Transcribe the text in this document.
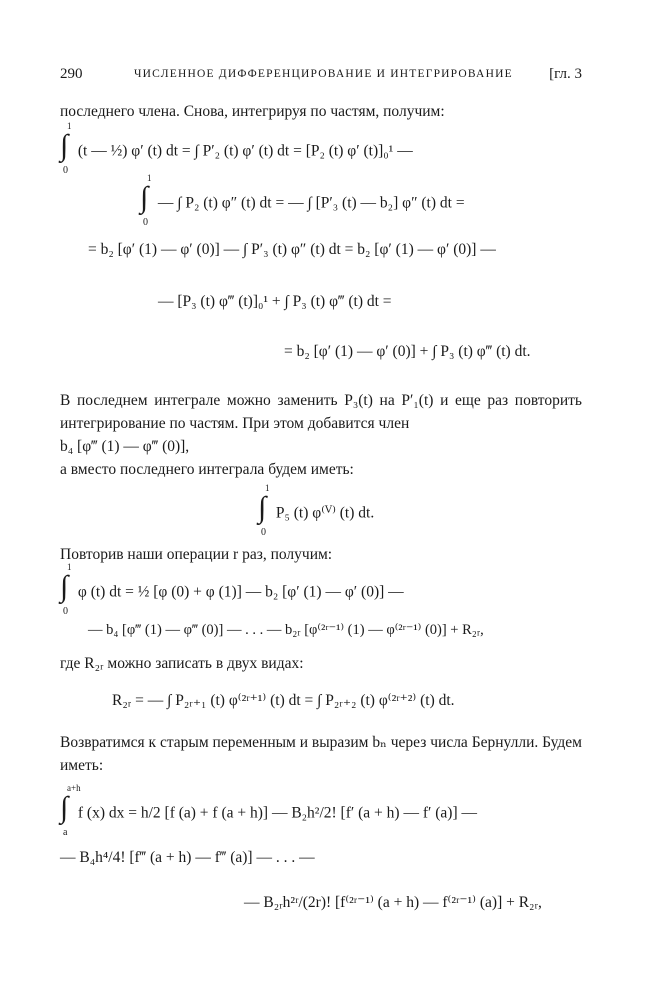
290	ЧИСЛЕННОЕ ДИФФЕРЕНЦИРОВАНИЕ И ИНТЕГРИРОВАНИЕ [гл. 3

последнего члена. Снова, интегрируя по частям, получим:

∫
1
0
(t — ½) φ′ (t) dt = ∫ P′₂ (t) φ′ (t) dt = [P₂ (t) φ′ (t)]₀¹ —
∫
1
0
— ∫ P₂ (t) φ″ (t) dt = — ∫ [P′₃ (t) — b₂] φ″ (t) dt =
= b₂ [φ′ (1) — φ′ (0)] — ∫ P′₃ (t) φ″ (t) dt = b₂ [φ′ (1) — φ′ (0)] —
— [P₃ (t) φ‴ (t)]₀¹ + ∫ P₃ (t) φ‴ (t) dt =
= b₂ [φ′ (1) — φ′ (0)] + ∫ P₃ (t) φ‴ (t) dt.

В последнем интеграле можно заменить P₃(t) на P′₁(t) и еще раз повторить интегрирование по частям. При этом добавится член

b₄ [φ‴ (1) — φ‴ (0)],

а вместо последнего интеграла будем иметь:

∫
1
0
P₅ (t) φ⁽ⱽ⁾ (t) dt.

Повторив наши операции r раз, получим:

∫
1
0
φ (t) dt = ½ [φ (0) + φ (1)] — b₂ [φ′ (1) — φ′ (0)] —
— b₄ [φ‴ (1) — φ‴ (0)] — . . . — b₂ᵣ [φ⁽²ʳ⁻¹⁾ (1) — φ⁽²ʳ⁻¹⁾ (0)] + R₂ᵣ,

где R₂ᵣ можно записать в двух видах:

R₂ᵣ = — ∫ P₂ᵣ₊₁ (t) φ⁽²ʳ⁺¹⁾ (t) dt = ∫ P₂ᵣ₊₂ (t) φ⁽²ʳ⁺²⁾ (t) dt.

Возвратимся к старым переменным и выразим bₙ через числа Бернулли. Будем иметь:

∫
a+h
a
f (x) dx = h/2 [f (a) + f (a + h)] — B₂h²/2! [f′ (a + h) — f′ (a)] —
— B₄h⁴/4! [f‴ (a + h) — f‴ (a)] — . . . —
— B₂ᵣh²ʳ/(2r)! [f⁽²ʳ⁻¹⁾ (a + h) — f⁽²ʳ⁻¹⁾ (a)] + R₂ᵣ,
